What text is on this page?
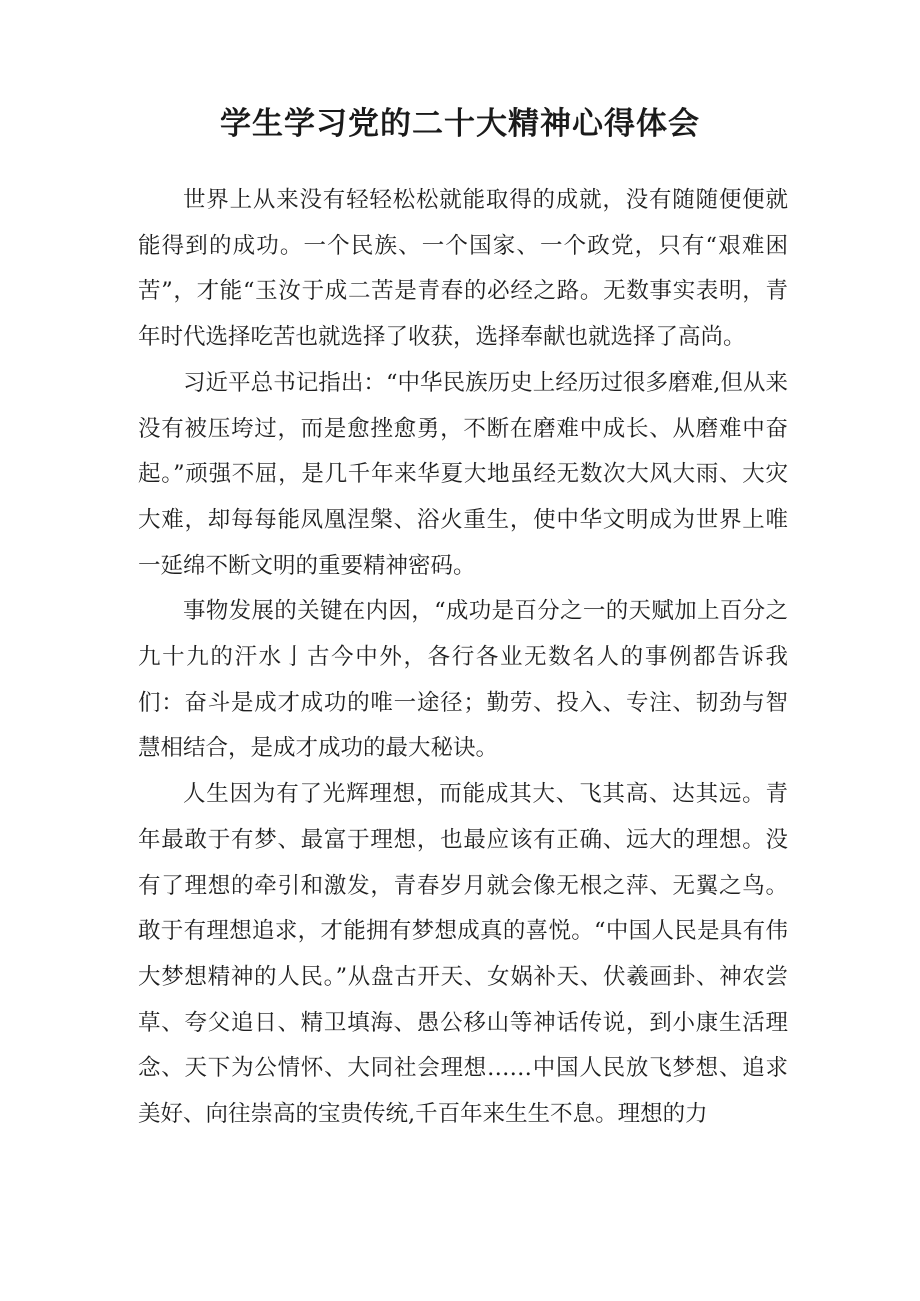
学生学习党的二十大精神心得体会

世界上从来没有轻轻松松就能取得的成就，没有随随便便就能得到的成功。一个民族、一个国家、一个政党，只有“艰难困苦”，才能“玉汝于成二苦是青春的必经之路。无数事实表明，青年时代选择吃苦也就选择了收获，选择奉献也就选择了高尚。

习近平总书记指出：“中华民族历史上经历过很多磨难,但从来没有被压垮过，而是愈挫愈勇，不断在磨难中成长、从磨难中奋起。”顽强不屈，是几千年来华夏大地虽经无数次大风大雨、大灾大难，却每每能凤凰涅槃、浴火重生，使中华文明成为世界上唯一延绵不断文明的重要精神密码。

事物发展的关键在内因，“成功是百分之一的天赋加上百分之九十九的汗水亅古今中外，各行各业无数名人的事例都告诉我们：奋斗是成才成功的唯一途径；勤劳、投入、专注、韧劲与智慧相结合，是成才成功的最大秘诀。

人生因为有了光辉理想，而能成其大、飞其高、达其远。青年最敢于有梦、最富于理想，也最应该有正确、远大的理想。没有了理想的牵引和激发，青春岁月就会像无根之萍、无翼之鸟。敢于有理想追求，才能拥有梦想成真的喜悦。“中国人民是具有伟大梦想精神的人民。”从盘古开天、女娲补天、伏羲画卦、神农尝草、夸父追日、精卫填海、愚公移山等神话传说，到小康生活理念、天下为公情怀、大同社会理想……中国人民放飞梦想、追求美好、向往崇高的宝贵传统,千百年来生生不息。理想的力
